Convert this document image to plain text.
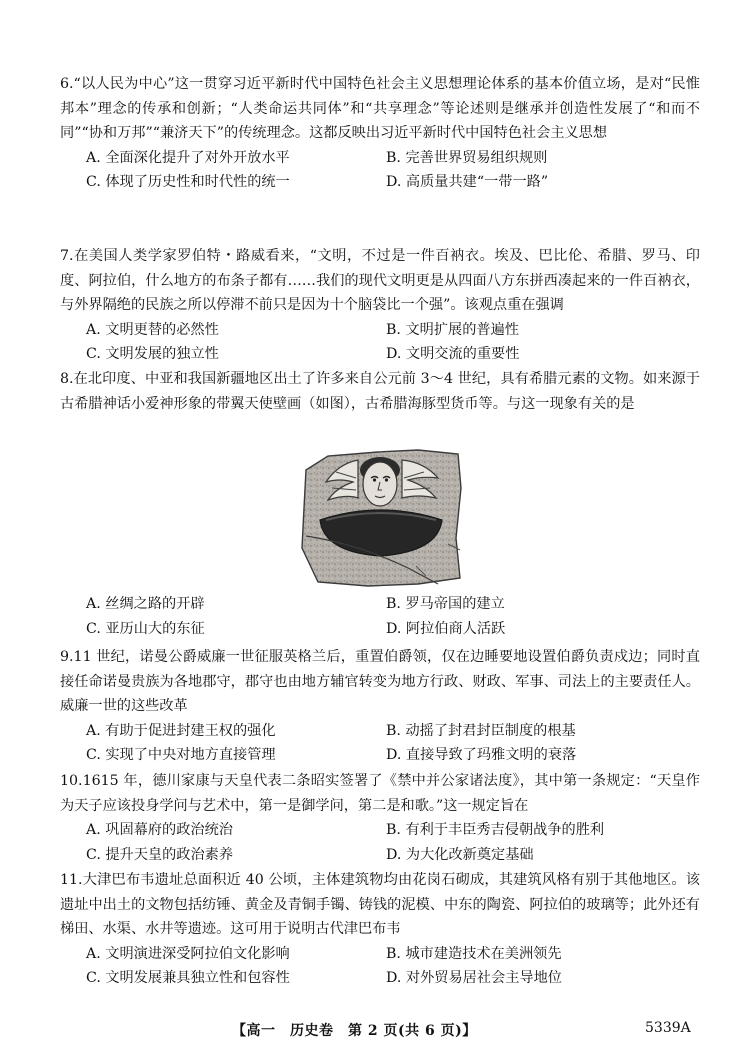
6.“以人民为中心”这一贯穿习近平新时代中国特色社会主义思想理论体系的基本价值立场，是对“民惟邦本”理念的传承和创新；“人类命运共同体”和“共享理念”等论述则是继承并创造性发展了“和而不同”“协和万邦”“兼济天下”的传统理念。这都反映出习近平新时代中国特色社会主义思想

A. 全面深化提升了对外开放水平	B. 完善世界贸易组织规则
C. 体现了历史性和时代性的统一	D. 高质量共建“一带一路”

7.在美国人类学家罗伯特・路威看来，“文明，不过是一件百衲衣。埃及、巴比伦、希腊、罗马、印度、阿拉伯，什么地方的布条子都有……我们的现代文明更是从四面八方东拼西凑起来的一件百衲衣，与外界隔绝的民族之所以停滞不前只是因为十个脑袋比一个强”。该观点重在强调

A. 文明更替的必然性	B. 文明扩展的普遍性
C. 文明发展的独立性	D. 文明交流的重要性

8.在北印度、中亚和我国新疆地区出土了许多来自公元前 3～4 世纪，具有希腊元素的文物。如来源于古希腊神话小爱神形象的带翼天使壁画（如图），古希腊海豚型货币等。与这一现象有关的是

A. 丝绸之路的开辟	B. 罗马帝国的建立
C. 亚历山大的东征	D. 阿拉伯商人活跃

9.11 世纪，诺曼公爵威廉一世征服英格兰后，重置伯爵领，仅在边睡要地设置伯爵负责戍边；同时直接任命诺曼贵族为各地郡守，郡守也由地方辅官转变为地方行政、财政、军事、司法上的主要责任人。威廉一世的这些改革

A. 有助于促进封建王权的强化	B. 动摇了封君封臣制度的根基
C. 实现了中央对地方直接管理	D. 直接导致了玛雅文明的衰落

10.1615 年，德川家康与天皇代表二条昭实签署了《禁中并公家诸法度》，其中第一条规定：“天皇作为天子应该投身学问与艺术中，第一是御学问，第二是和歌。”这一规定旨在

A. 巩固幕府的政治统治	B. 有利于丰臣秀吉侵朝战争的胜利
C. 提升天皇的政治素养	D. 为大化改新奠定基础

11.大津巴布韦遗址总面积近 40 公顷，主体建筑物均由花岗石砌成，其建筑风格有别于其他地区。该遗址中出土的文物包括纺锤、黄金及青铜手镯、铸钱的泥模、中东的陶瓷、阿拉伯的玻璃等；此外还有梯田、水渠、水井等遗迹。这可用于说明古代津巴布韦

A. 文明演进深受阿拉伯文化影响	B. 城市建造技术在美洲领先
C. 文明发展兼具独立性和包容性	D. 对外贸易居社会主导地位
【高一　历史卷　第 2 页(共 6 页)】	5339A
